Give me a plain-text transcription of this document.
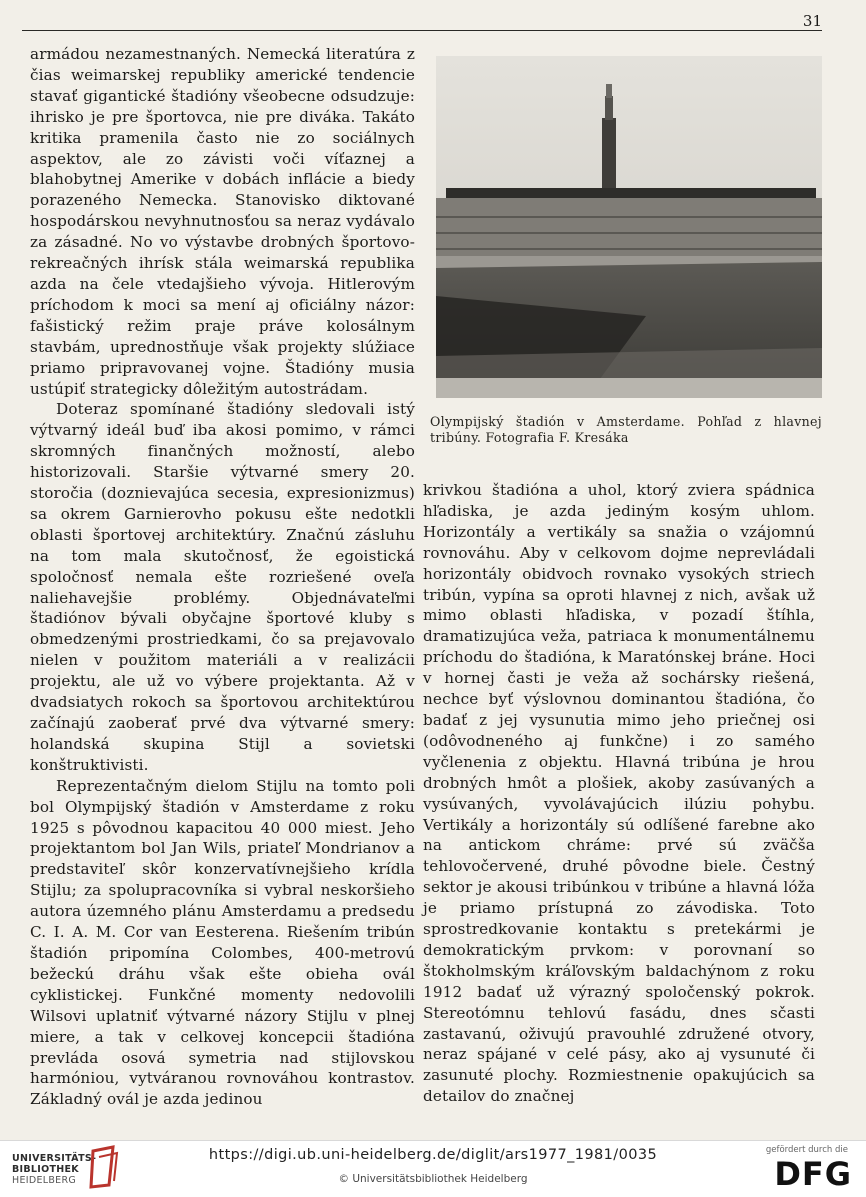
31

armádou nezamestnaných. Nemecká literatúra z čias weimarskej republiky americké tendencie stavať gigantické štadióny všeobecne odsudzuje: ihrisko je pre športovca, nie pre diváka. Takáto kritika pramenila často nie zo sociálnych aspektov, ale zo závisti voči víťaznej a blahobytnej Amerike v dobách inflácie a biedy porazeného Nemecka. Stanovisko diktované hospodárskou nevyhnutnosťou sa neraz vydávalo za zásadné. No vo výstavbe drobných športovo-rekreačných ihrísk stála weimarská republika azda na čele vtedajšieho vývoja. Hitlerovým príchodom k moci sa mení aj oficiálny názor: fašistický režim praje práve kolosálnym stavbám, uprednostňuje však projekty slúžiace priamo pripravovanej vojne. Štadióny musia ustúpiť strategicky dôležitým autostrádam.

Doteraz spomínané štadióny sledovali istý výtvarný ideál buď iba akosi pomimo, v rámci skromných finančných možností, alebo historizovali. Staršie výtvarné smery 20. storočia (doznievajúca secesia, expresionizmus) sa okrem Garnierovho pokusu ešte nedotkli oblasti športovej architektúry. Značnú zásluhu na tom mala skutočnosť, že egoistická spoločnosť nemala ešte rozriešené oveľa naliehavejšie problémy. Objednávateľmi štadiónov bývali obyčajne športové kluby s obmedzenými prostriedkami, čo sa prejavovalo nielen v použitom materiáli a v realizácii projektu, ale už vo výbere projektanta. Až v dvadsiatych rokoch sa športovou architektúrou začínajú zaoberať prvé dva výtvarné smery: holandská skupina Stijl a sovietski konštruktivisti.

Reprezentačným dielom Stijlu na tomto poli bol Olympijský štadión v Amsterdame z roku 1925 s pôvodnou kapacitou 40 000 miest. Jeho projektantom bol Jan Wils, priateľ Mondrianov a predstaviteľ skôr konzervatívnejšieho krídla Stijlu; za spolupracovníka si vybral neskoršieho autora územného plánu Amsterdamu a predsedu C. I. A. M. Cor van Eesterena. Riešením tribún štadión pripomína Colombes, 400-metrovú bežeckú dráhu však ešte obieha ovál cyklistickej. Funkčné momenty nedovolili Wilsovi uplatniť výtvarné názory Stijlu v plnej miere, a tak v celkovej koncepcii štadióna prevláda osová symetria nad stijlovskou harmóniou, vytváranou rovnováhou kontrastov. Základný ovál je azda jedinou

Olympijský štadión v Amsterdame. Pohľad z hlavnej tribúny. Fotografia F. Kresáka

krivkou štadióna a uhol, ktorý zviera spádnica hľadiska, je azda jediným kosým uhlom. Horizontály a vertikály sa snažia o vzájomnú rovnováhu. Aby v celkovom dojme neprevládali horizontály obidvoch rovnako vysokých striech tribún, vypína sa oproti hlavnej z nich, avšak už mimo oblasti hľadiska, v pozadí štíhla, dramatizujúca veža, patriaca k monumentálnemu príchodu do štadióna, k Maratónskej bráne. Hoci v hornej časti je veža až sochársky riešená, nechce byť výslovnou dominantou štadióna, čo badať z jej vysunutia mimo jeho priečnej osi (odôvodneného aj funkčne) i zo samého vyčlenenia z objektu. Hlavná tribúna je hrou drobných hmôt a plošiek, akoby zasúvaných a vysúvaných, vyvolávajúcich ilúziu pohybu. Vertikály a horizontály sú odlíšené farebne ako na antickom chráme: prvé sú zväčša tehlovočervené, druhé pôvodne biele. Čestný sektor je akousi tribúnkou v tribúne a hlavná lóža je priamo prístupná zo závodiska. Toto sprostredkovanie kontaktu s pretekármi je demokratickým prvkom: v porovnaní so štokholmským kráľovským baldachýnom z roku 1912 badať už výrazný spoločenský pokrok. Stereotómnu tehlovú fasádu, dnes sčasti zastavanú, oživujú pravouhlé združené otvory, neraz spájané v celé pásy, ako aj vysunuté či zasunuté plochy. Rozmiestnenie opakujúcich sa detailov do značnej

UNIVERSITÄTS-
BIBLIOTHEK
HEIDELBERG
https://digi.ub.uni-heidelberg.de/diglit/ars1977_1981/0035
© Universitätsbibliothek Heidelberg
gefördert durch die
DFG
